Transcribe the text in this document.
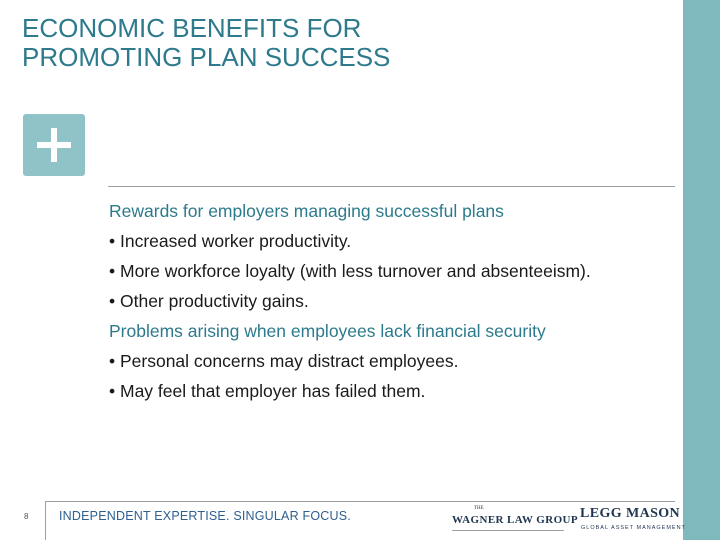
ECONOMIC BENEFITS FOR
PROMOTING PLAN SUCCESS
Rewards for employers managing successful plans
• Increased worker productivity.
• More workforce loyalty (with less turnover and absenteeism).
• Other productivity gains.
Problems arising when employees lack financial security
• Personal concerns may distract employees.
• May feel that employer has failed them.
8 INDEPENDENT EXPERTISE. SINGULAR FOCUS.
THE
WAGNER LAW GROUP LEGG MASON
GLOBAL ASSET MANAGEMENT
